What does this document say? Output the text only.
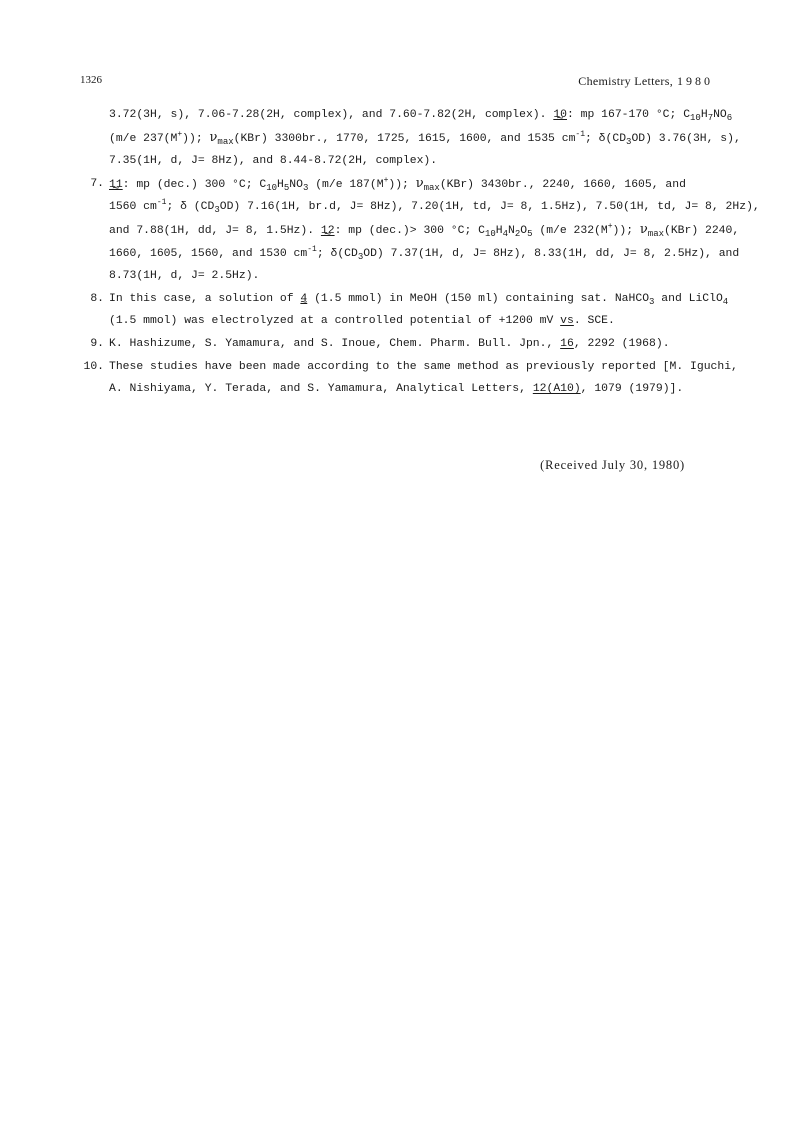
1326	Chemistry Letters, 1980
3.72(3H, s), 7.06-7.28(2H, complex), and 7.60-7.82(2H, complex). 10 ~: mp 167-170 °C; $C_{10}H_7NO_6$
(m/e 237(M+)); $\nu_{max}(KBr)$ 3300br., 1770, 1725, 1615, 1600, and 1535 $cm^{-1}$; $\delta(CD_3OD)$ 3.76(3H, s),
7.35(1H, d, J= 8Hz), and 8.44-8.72(2H, complex).
7. 11 ~: mp (dec.) 300 °C; $C_{10}H_5NO_3$ (m/e 187(M+)); $\nu_{max}(KBr)$ 3430br., 2240, 1660, 1605, and
1560 $cm^{-1}$; δ $(CD_3OD)$ 7.16(1H, br.d, J= 8Hz), 7.20(1H, td, J= 8, 1.5Hz), 7.50(1H, td, J= 8, 2Hz),
and 7.88(1H, dd, J= 8, 1.5Hz). 12 ~: mp (dec.)> 300 °C; $C_{10}H_4N_2O_5$ (m/e 232(M+)); $\nu_{max}(KBr)$ 2240,
1660, 1605, 1560, and 1530 $cm^{-1}$; $\delta(CD_3OD)$ 7.37(1H, d, J= 8Hz), 8.33(1H, dd, J= 8, 2.5Hz), and
8.73(1H, d, J= 2.5Hz).
8. In this case, a solution of 4 ~ (1.5 mmol) in MeOH (150 ml) containing sat. NaHCO$_3$ and LiClO$_4$
(1.5 mmol) was electrolyzed at a controlled potential of +1200 mV vs. SCE.
9. K. Hashizume, S. Yamamura, and S. Inoue, Chem. Pharm. Bull. Jpn., 16, 2292 (1968).
10. These studies have been made according to the same method as previously reported [M. Iguchi,
A. Nishiyama, Y. Terada, and S. Yamamura, Analytical Letters, 12(A10), 1079 (1979)].
(Received July 30, 1980)
